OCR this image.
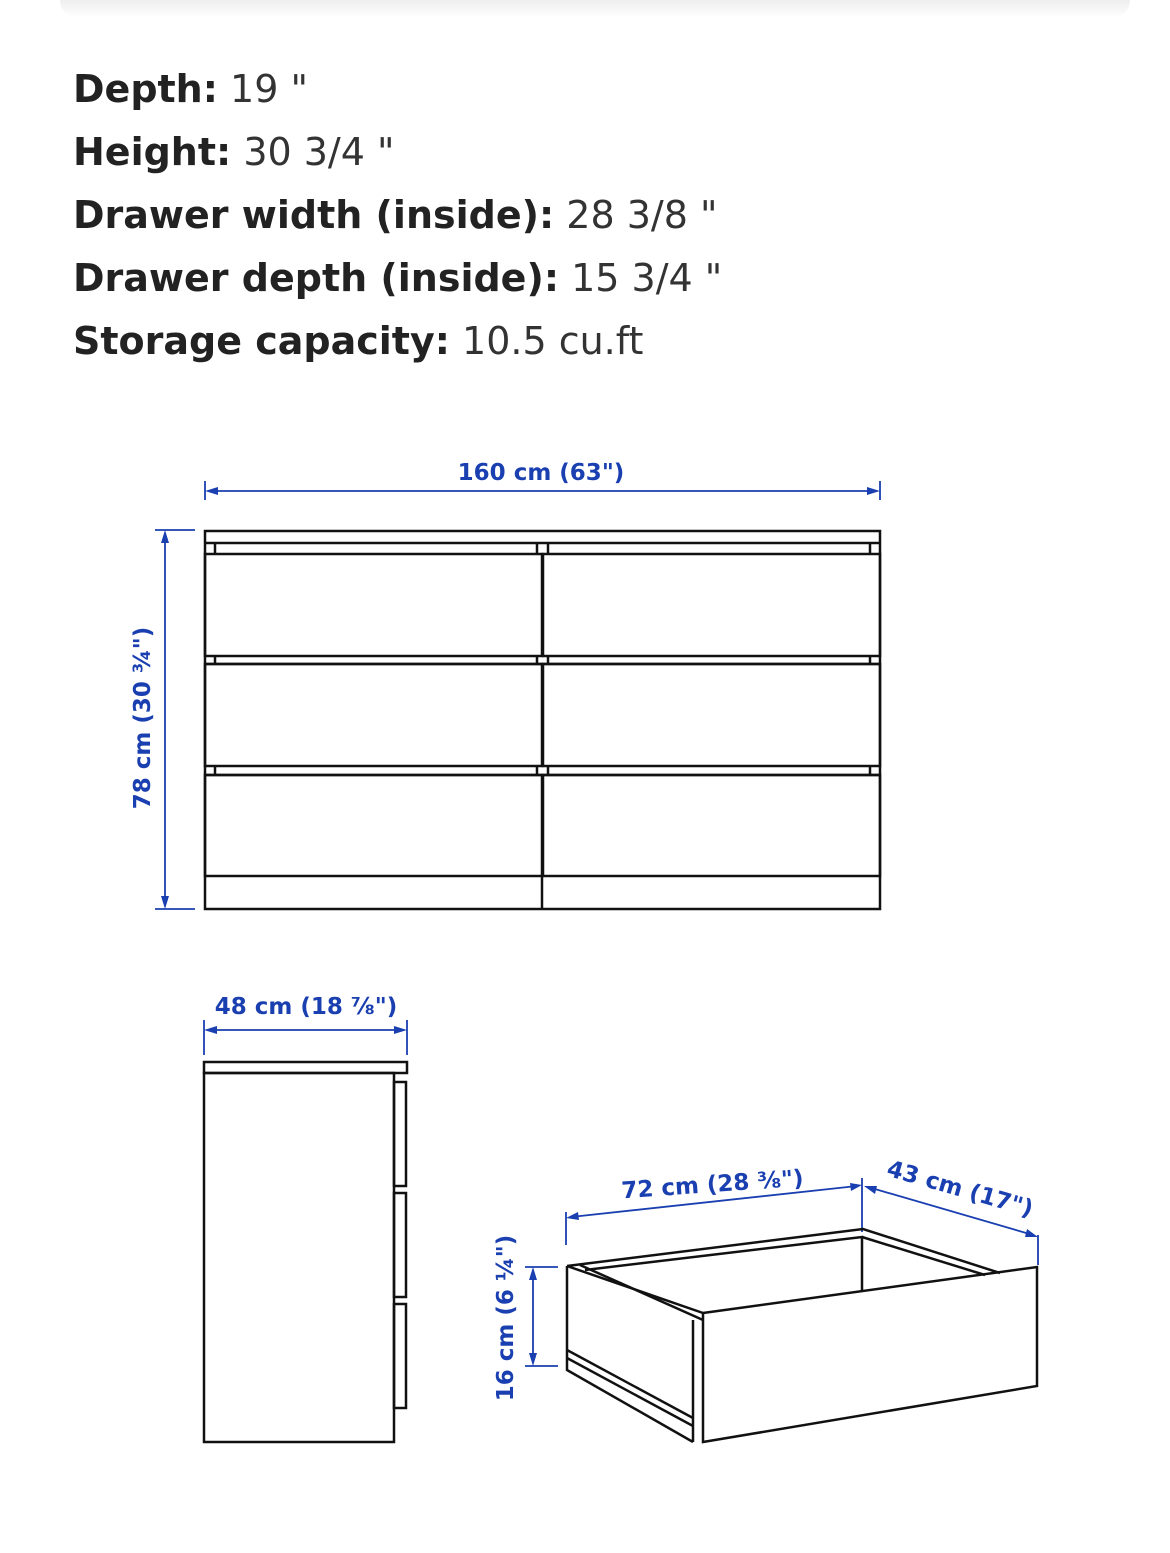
Depth: 19 "
Height: 30 3/4 "
Drawer width (inside): 28 3/8 "
Drawer depth (inside): 15 3/4 "
Storage capacity: 10.5 cu.ft
160 cm (63")
78 cm (30 ¾")
48 cm (18 ⅞")
72 cm (28 ⅜")	43 cm (17")
16 cm (6 ¼")
